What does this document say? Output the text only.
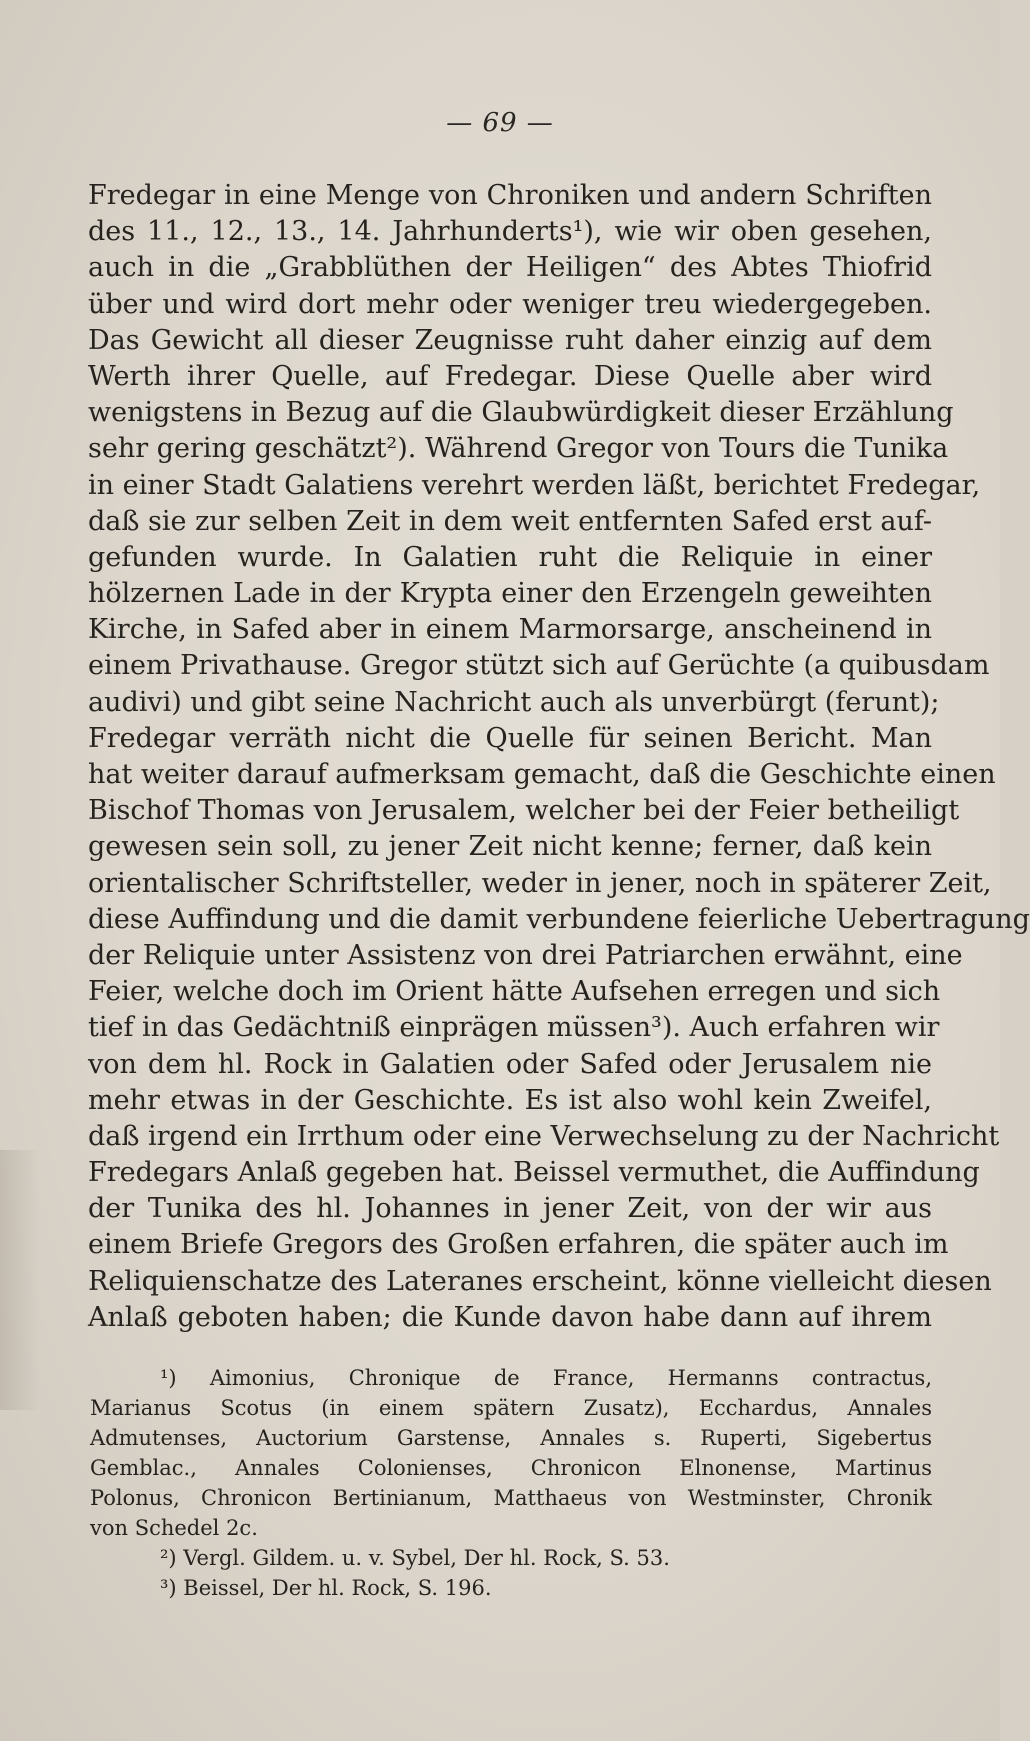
— 69 —
Fredegar in eine Menge von Chroniken und andern Schriften
des 11., 12., 13., 14. Jahrhunderts¹), wie wir oben gesehen,
auch in die „Grabblüthen der Heiligen“ des Abtes Thiofrid
über und wird dort mehr oder weniger treu wiedergegeben.
Das Gewicht all dieser Zeugnisse ruht daher einzig auf dem
Werth ihrer Quelle, auf Fredegar. Diese Quelle aber wird
wenigstens in Bezug auf die Glaubwürdigkeit dieser Erzählung
sehr gering geschätzt²). Während Gregor von Tours die Tunika
in einer Stadt Galatiens verehrt werden läßt, berichtet Fredegar,
daß sie zur selben Zeit in dem weit entfernten Safed erst auf-
gefunden wurde. In Galatien ruht die Reliquie in einer
hölzernen Lade in der Krypta einer den Erzengeln geweihten
Kirche, in Safed aber in einem Marmorsarge, anscheinend in
einem Privathause. Gregor stützt sich auf Gerüchte (a quibusdam
audivi) und gibt seine Nachricht auch als unverbürgt (ferunt);
Fredegar verräth nicht die Quelle für seinen Bericht. Man
hat weiter darauf aufmerksam gemacht, daß die Geschichte einen
Bischof Thomas von Jerusalem, welcher bei der Feier betheiligt
gewesen sein soll, zu jener Zeit nicht kenne; ferner, daß kein
orientalischer Schriftsteller, weder in jener, noch in späterer Zeit,
diese Auffindung und die damit verbundene feierliche Uebertragung
der Reliquie unter Assistenz von drei Patriarchen erwähnt, eine
Feier, welche doch im Orient hätte Aufsehen erregen und sich
tief in das Gedächtniß einprägen müssen³). Auch erfahren wir
von dem hl. Rock in Galatien oder Safed oder Jerusalem nie
mehr etwas in der Geschichte. Es ist also wohl kein Zweifel,
daß irgend ein Irrthum oder eine Verwechselung zu der Nachricht
Fredegars Anlaß gegeben hat. Beissel vermuthet, die Auffindung
der Tunika des hl. Johannes in jener Zeit, von der wir aus
einem Briefe Gregors des Großen erfahren, die später auch im
Reliquienschatze des Lateranes erscheint, könne vielleicht diesen
Anlaß geboten haben; die Kunde davon habe dann auf ihrem
¹) Aimonius, Chronique de France, Hermanns contractus,
Marianus Scotus (in einem spätern Zusatz), Ecchardus, Annales
Admutenses, Auctorium Garstense, Annales s. Ruperti, Sigebertus
Gemblac., Annales Colonienses, Chronicon Elnonense, Martinus
Polonus, Chronicon Bertinianum, Matthaeus von Westminster, Chronik
von Schedel 2c.
²) Vergl. Gildem. u. v. Sybel, Der hl. Rock, S. 53.
³) Beissel, Der hl. Rock, S. 196.
